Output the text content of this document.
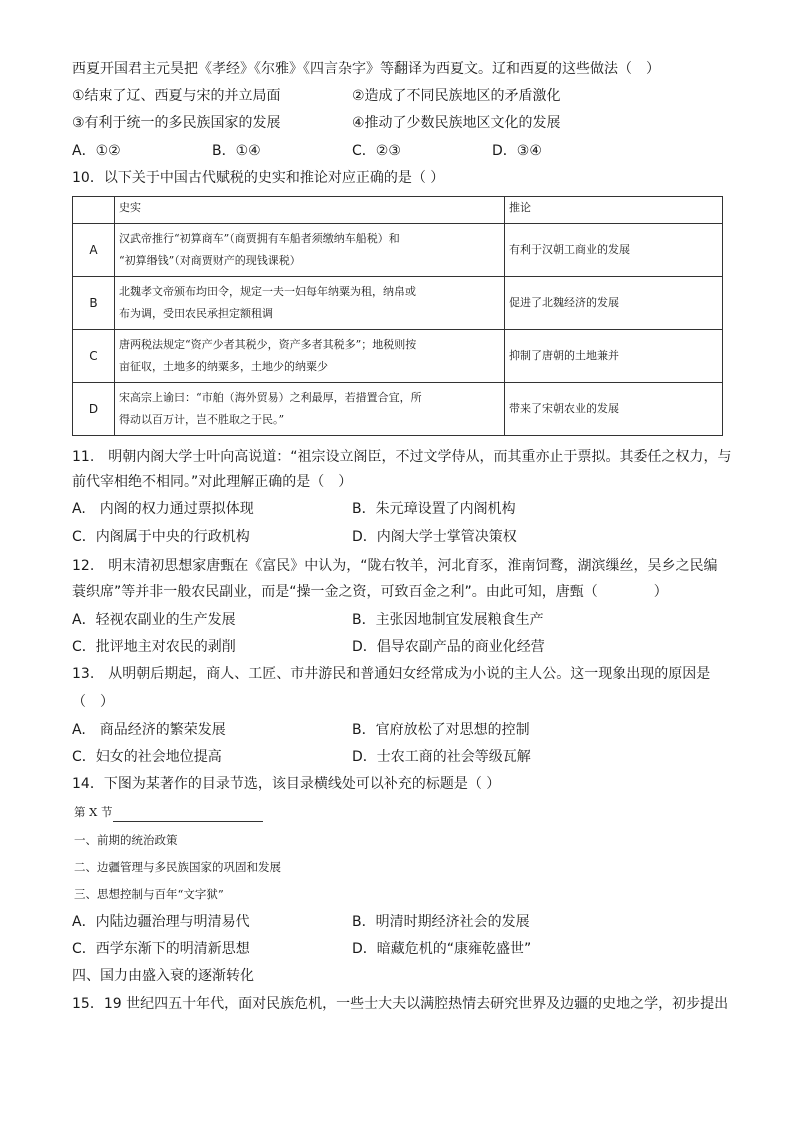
西夏开国君主元昊把《孝经》《尔雅》《四言杂字》等翻译为西夏文。辽和西夏的这些做法（　）
①结束了辽、西夏与宋的并立局面	②造成了不同民族地区的矛盾激化
③有利于统一的多民族国家的发展	④推动了少数民族地区文化的发展
A．①②	B．①④	C．②③	D．③④
10．以下关于中国古代赋税的史实和推论对应正确的是（ ）
	史实	推论
A	汉武帝推行“初算商车”（商贾拥有车船者须缴纳车船税）和
“初算缗钱”（对商贾财产的现钱课税）	有利于汉朝工商业的发展
B	北魏孝文帝颁布均田令，规定一夫一妇每年纳粟为租，纳帛或
布为调，受田农民承担定额租调	促进了北魏经济的发展
C	唐两税法规定“资产少者其税少，资产多者其税多”；地税则按
亩征収，土地多的纳粟多，土地少的纳粟少	抑制了唐朝的土地兼并
D	宋高宗上谕曰：“市舶（海外贸易）之利最厚，若措置合宜，所
得动以百万计，岂不胜取之于民。”	带来了宋朝农业的发展
11.　明朝内阁大学士叶向高说道：“祖宗设立阁臣，不过文学侍从，而其重亦止于票拟。其委任之权力，与
前代宰相绝不相同。”对此理解正确的是（　）
A.　内阁的权力通过票拟体现	B．朱元璋设置了内阁机构
C．内阁属于中央的行政机构	D．内阁大学士掌管决策权
12.　明末清初思想家唐甄在《富民》中认为，“陇右牧羊，河北育豕，淮南饲鹜，湖滨缫丝，吴乡之民编
蓑织席”等并非一般农民副业，而是“操一金之资，可致百金之利”。由此可知，唐甄（　　　　）
A．轻视农副业的生产发展	B．主张因地制宜发展粮食生产
C．批评地主对农民的剥削	D．倡导农副产品的商业化经营
13.　从明朝后期起，商人、工匠、市井游民和普通妇女经常成为小说的主人公。这一现象出现的原因是
（　）
A.　商品经济的繁荣发展	B．官府放松了对思想的控制
C．妇女的社会地位提高	D．士农工商的社会等级瓦解
14．下图为某著作的目录节选，该目录横线处可以补充的标题是（ ）
第 X 节
一、前期的统治政策
二、边疆管理与多民族国家的巩固和发展
三、思想控制与百年“文字狱”
A．内陆边疆治理与明清易代	B．明清时期经济社会的发展
C．西学东渐下的明清新思想	D．暗藏危机的“康雍乾盛世”
四、国力由盛入衰的逐渐转化
15．19 世纪四五十年代，面对民族危机，一些士大夫以满腔热情去研究世界及边疆的史地之学，初步提出
